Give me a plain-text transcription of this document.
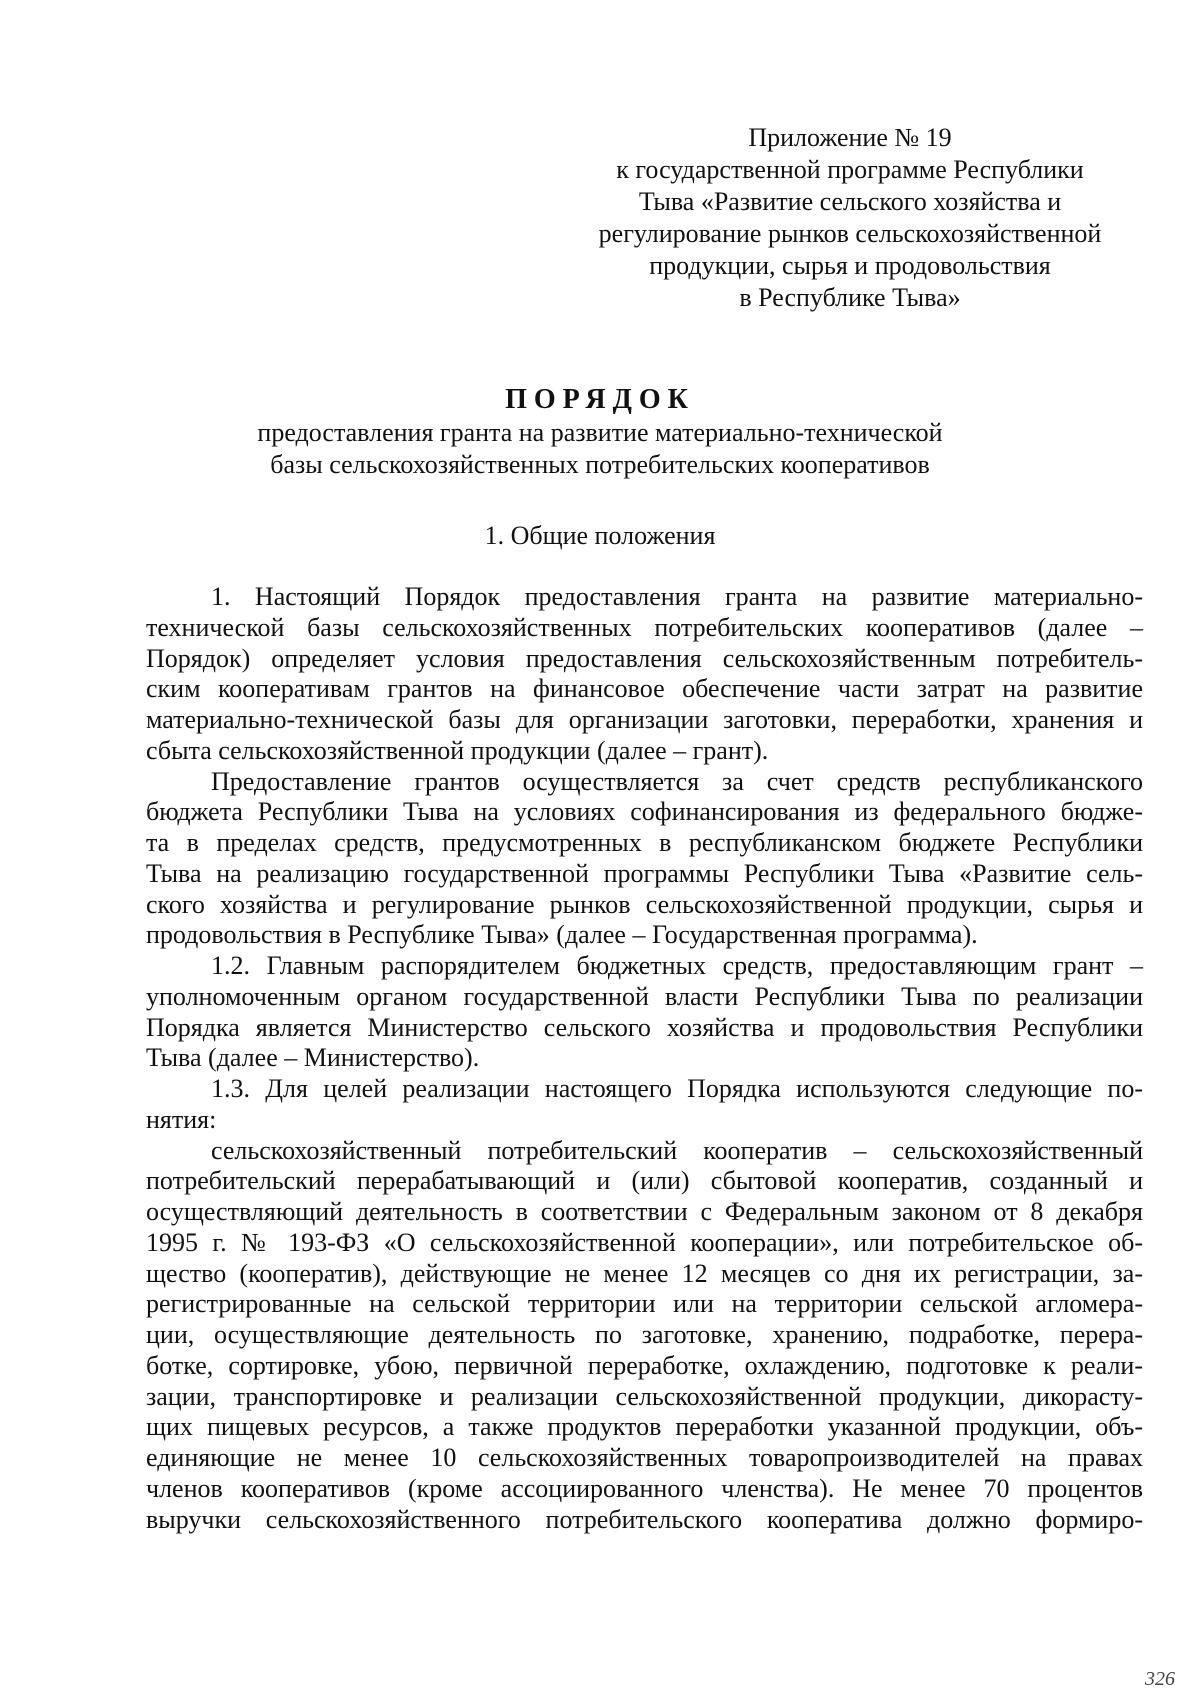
Приложение № 19
к государственной программе Республики
Тыва «Развитие сельского хозяйства и
регулирование рынков сельскохозяйственной
продукции, сырья и продовольствия
в Республике Тыва»
ПОРЯДОК
предоставления гранта на развитие материально-технической
базы сельскохозяйственных потребительских кооперативов
1. Общие положения
1. Настоящий Порядок предоставления гранта на развитие материально-
технической базы сельскохозяйственных потребительских кооперативов (далее –
Порядок) определяет условия предоставления сельскохозяйственным потребитель-
ским кооперативам грантов на финансовое обеспечение части затрат на развитие
материально-технической базы для организации заготовки, переработки, хранения и
сбыта сельскохозяйственной продукции (далее – грант).
Предоставление грантов осуществляется за счет средств республиканского
бюджета Республики Тыва на условиях софинансирования из федерального бюдже-
та в пределах средств, предусмотренных в республиканском бюджете Республики
Тыва на реализацию государственной программы Республики Тыва «Развитие сель-
ского хозяйства и регулирование рынков сельскохозяйственной продукции, сырья и
продовольствия в Республике Тыва» (далее – Государственная программа).
1.2. Главным распорядителем бюджетных средств, предоставляющим грант –
уполномоченным органом государственной власти Республики Тыва по реализации
Порядка является Министерство сельского хозяйства и продовольствия Республики
Тыва (далее – Министерство).
1.3. Для целей реализации настоящего Порядка используются следующие по-
нятия:
сельскохозяйственный потребительский кооператив – сельскохозяйственный
потребительский перерабатывающий и (или) сбытовой кооператив, созданный и
осуществляющий деятельность в соответствии с Федеральным законом от 8 декабря
1995 г. № 193-ФЗ «О сельскохозяйственной кооперации», или потребительское об-
щество (кооператив), действующие не менее 12 месяцев со дня их регистрации, за-
регистрированные на сельской территории или на территории сельской агломера-
ции, осуществляющие деятельность по заготовке, хранению, подработке, перера-
ботке, сортировке, убою, первичной переработке, охлаждению, подготовке к реали-
зации, транспортировке и реализации сельскохозяйственной продукции, дикорасту-
щих пищевых ресурсов, а также продуктов переработки указанной продукции, объ-
единяющие не менее 10 сельскохозяйственных товаропроизводителей на правах
членов кооперативов (кроме ассоциированного членства). Не менее 70 процентов
выручки сельскохозяйственного потребительского кооператива должно формиро-
326
